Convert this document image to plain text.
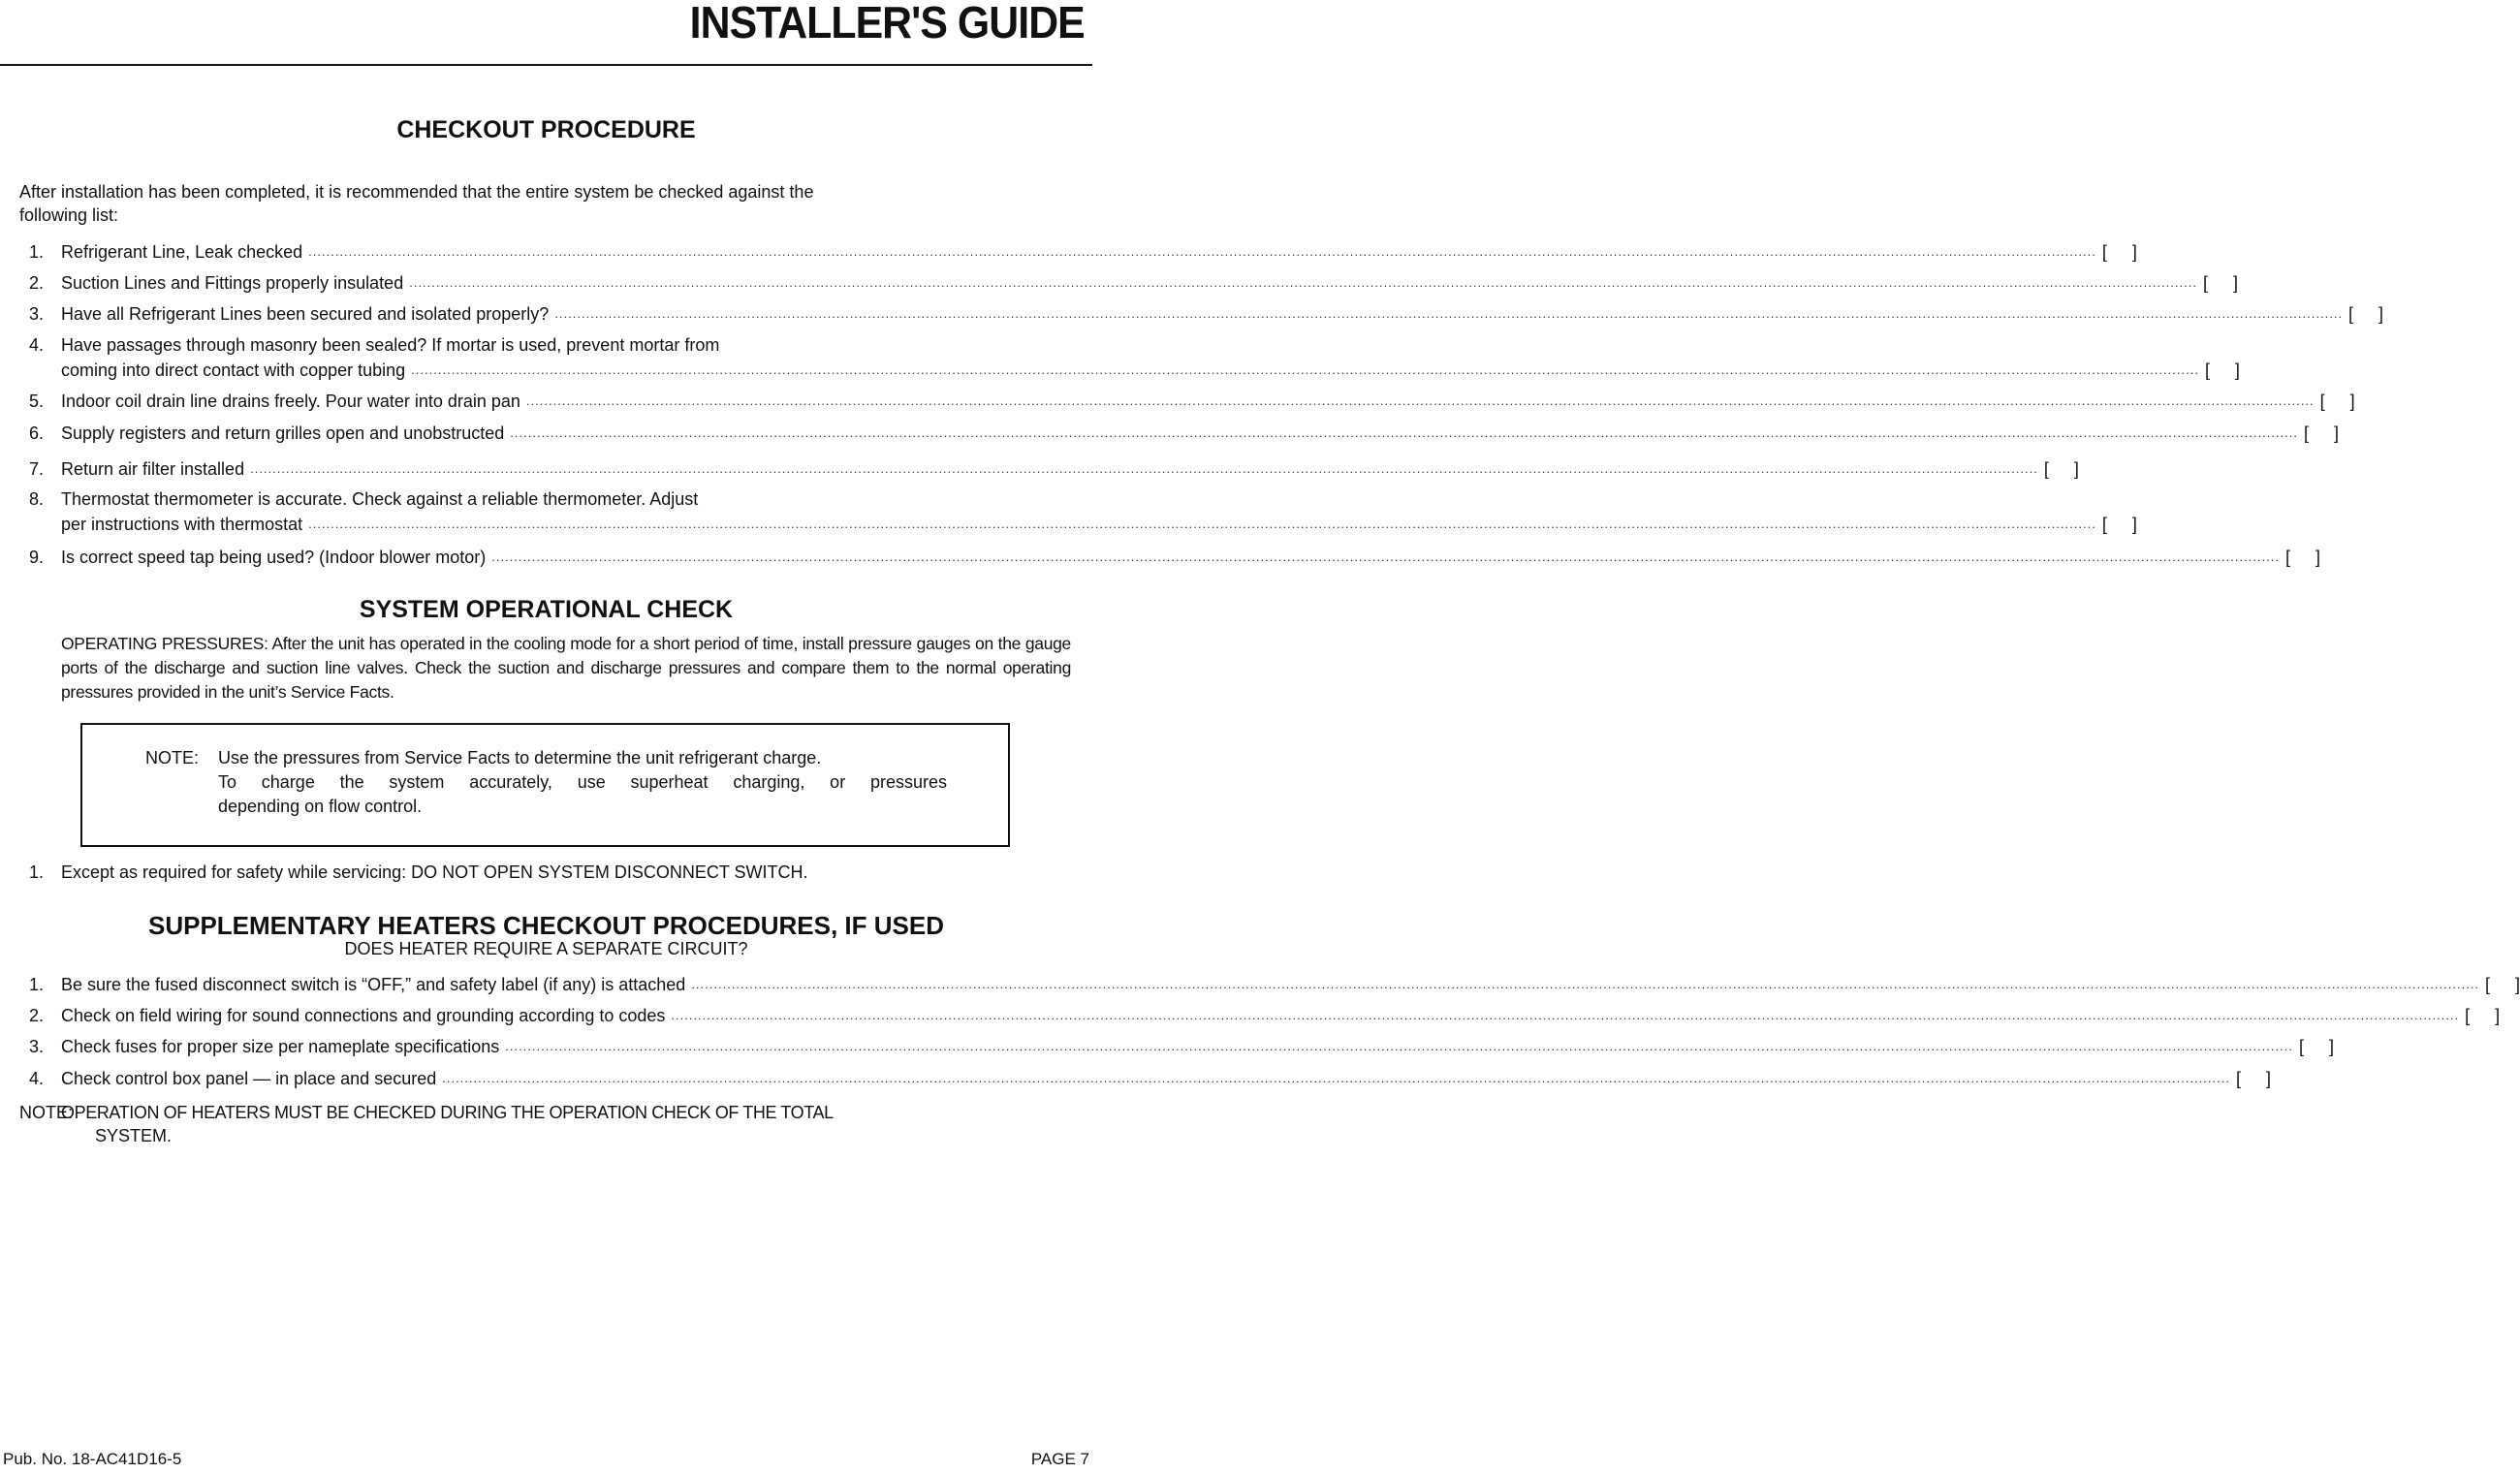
INSTALLER'S GUIDE
CHECKOUT PROCEDURE
After installation has been completed, it is recommended that the entire system be checked against the
following list:
1. Refrigerant Line, Leak checked ................................................................................................................................................................................................................................................................................................................................................................................................................ [ ]
2. Suction Lines and Fittings properly insulated ................................................................................................................................................................................................................................................................................................................................................................................................................ [ ]
3. Have all Refrigerant Lines been secured and isolated properly? ................................................................................................................................................................................................................................................................................................................................................................................................................ [ ]
4. Have passages through masonry been sealed? If mortar is used, prevent mortar from
coming into direct contact with copper tubing ................................................................................................................................................................................................................................................................................................................................................................................................................ [ ]
5. Indoor coil drain line drains freely. Pour water into drain pan ................................................................................................................................................................................................................................................................................................................................................................................................................ [ ]
6. Supply registers and return grilles open and unobstructed ................................................................................................................................................................................................................................................................................................................................................................................................................ [ ]
7. Return air filter installed ................................................................................................................................................................................................................................................................................................................................................................................................................ [ ]
8. Thermostat thermometer is accurate. Check against a reliable thermometer. Adjust
per instructions with thermostat ................................................................................................................................................................................................................................................................................................................................................................................................................ [ ]
9. Is correct speed tap being used? (Indoor blower motor) ................................................................................................................................................................................................................................................................................................................................................................................................................ [ ]
SYSTEM OPERATIONAL CHECK
OPERATING PRESSURES: After the unit has operated in the cooling mode for a short period of time, install pressure gauges on the gauge ports of the discharge and suction line valves. Check the suction and discharge pressures and compare them to the normal operating pressures provided in the unit’s Service Facts.
NOTE: Use the pressures from Service Facts to determine the unit refrigerant charge.
To charge the system accurately, use superheat charging, or pressures
depending on flow control.
1. Except as required for safety while servicing: DO NOT OPEN SYSTEM DISCONNECT SWITCH.
SUPPLEMENTARY HEATERS CHECKOUT PROCEDURES, IF USED
DOES HEATER REQUIRE A SEPARATE CIRCUIT?
1. Be sure the fused disconnect switch is “OFF,” and safety label (if any) is attached ................................................................................................................................................................................................................................................................................................................................................................................................................ [ ]
2. Check on field wiring for sound connections and grounding according to codes ................................................................................................................................................................................................................................................................................................................................................................................................................ [ ]
3. Check fuses for proper size per nameplate specifications ................................................................................................................................................................................................................................................................................................................................................................................................................ [ ]
4. Check control box panel — in place and secured ................................................................................................................................................................................................................................................................................................................................................................................................................ [ ]
NOTE:
OPERATION OF HEATERS MUST BE CHECKED DURING THE OPERATION CHECK OF THE TOTAL
SYSTEM.
Pub. No. 18-AC41D16-5	PAGE 7
